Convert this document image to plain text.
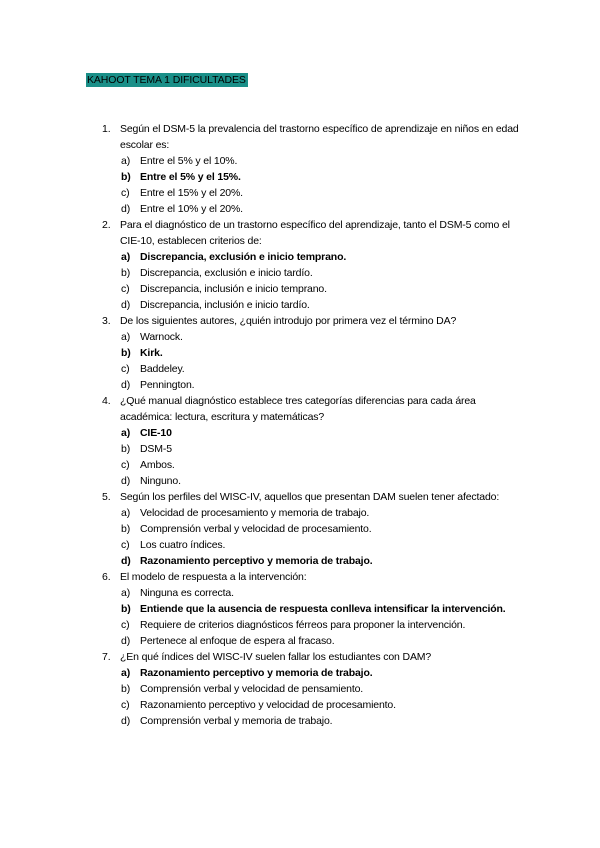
KAHOOT TEMA 1 DIFICULTADES
1. Según el DSM-5 la prevalencia del trastorno específico de aprendizaje en niños en edad escolar es:
a) Entre el 5% y el 10%.
b) Entre el 5% y el 15%.
c) Entre el 15% y el 20%.
d) Entre el 10% y el 20%.
2. Para el diagnóstico de un trastorno específico del aprendizaje, tanto el DSM-5 como el CIE-10, establecen criterios de:
a) Discrepancia, exclusión e inicio temprano.
b) Discrepancia, exclusión e inicio tardío.
c) Discrepancia, inclusión e inicio temprano.
d) Discrepancia, inclusión e inicio tardío.
3. De los siguientes autores, ¿quién introdujo por primera vez el término DA?
a) Warnock.
b) Kirk.
c) Baddeley.
d) Pennington.
4. ¿Qué manual diagnóstico establece tres categorías diferencias para cada área académica: lectura, escritura y matemáticas?
a) CIE-10
b) DSM-5
c) Ambos.
d) Ninguno.
5. Según los perfiles del WISC-IV, aquellos que presentan DAM suelen tener afectado:
a) Velocidad de procesamiento y memoria de trabajo.
b) Comprensión verbal y velocidad de procesamiento.
c) Los cuatro índices.
d) Razonamiento perceptivo y memoria de trabajo.
6. El modelo de respuesta a la intervención:
a) Ninguna es correcta.
b) Entiende que la ausencia de respuesta conlleva intensificar la intervención.
c) Requiere de criterios diagnósticos férreos para proponer la intervención.
d) Pertenece al enfoque de espera al fracaso.
7. ¿En qué índices del WISC-IV suelen fallar los estudiantes con DAM?
a) Razonamiento perceptivo y memoria de trabajo.
b) Comprensión verbal y velocidad de pensamiento.
c) Razonamiento perceptivo y velocidad de procesamiento.
d) Comprensión verbal y memoria de trabajo.
